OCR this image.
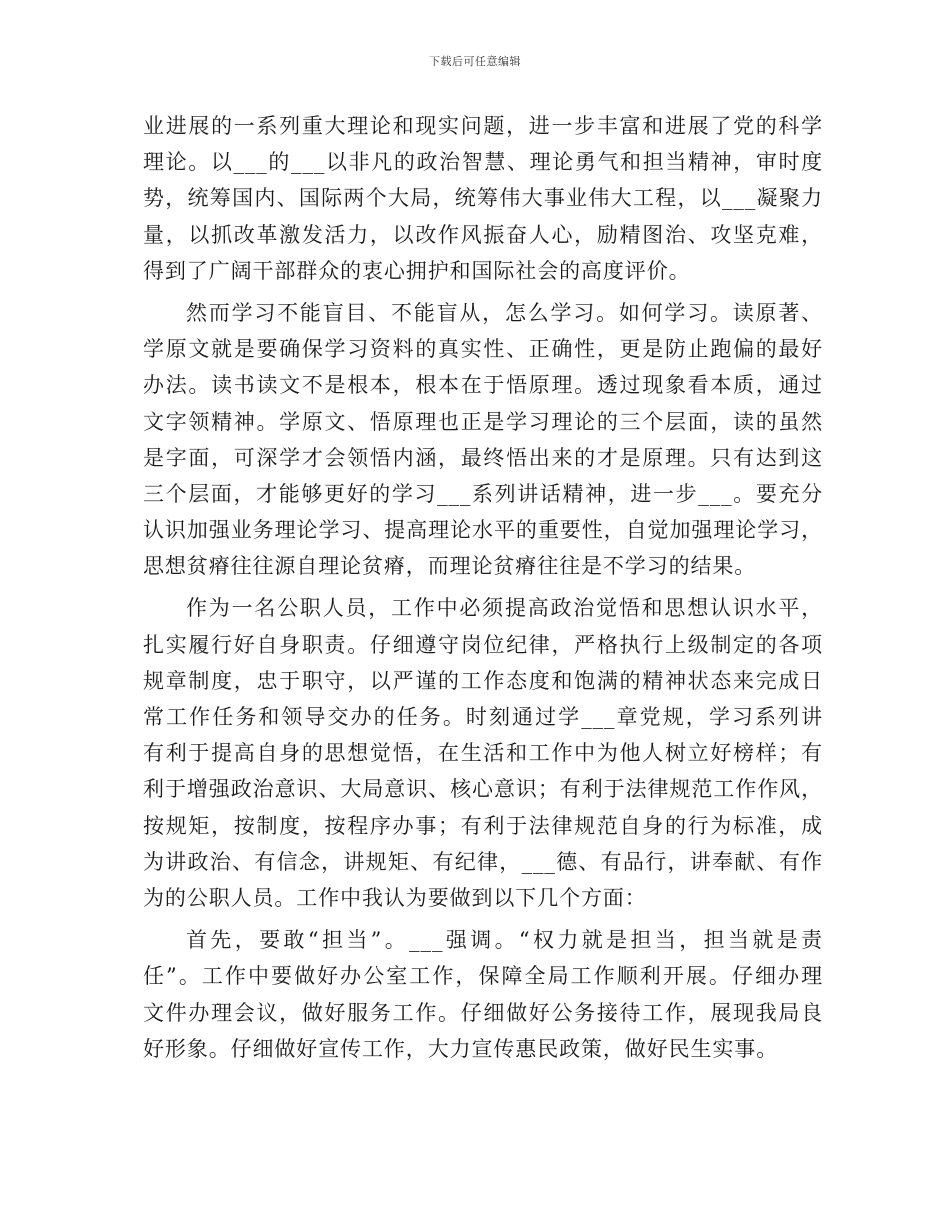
下载后可任意编辑
业进展的一系列重大理论和现实问题，进一步丰富和进展了党的科学
理论。以___的___以非凡的政治智慧、理论勇气和担当精神，审时度
势，统筹国内、国际两个大局，统筹伟大事业伟大工程，以___凝聚力
量，以抓改革激发活力，以改作风振奋人心，励精图治、攻坚克难，
得到了广阔干部群众的衷心拥护和国际社会的高度评价。
然而学习不能盲目、不能盲从，怎么学习。如何学习。读原著、
学原文就是要确保学习资料的真实性、正确性，更是防止跑偏的最好
办法。读书读文不是根本，根本在于悟原理。透过现象看本质，通过
文字领精神。学原文、悟原理也正是学习理论的三个层面，读的虽然
是字面，可深学才会领悟内涵，最终悟出来的才是原理。只有达到这
三个层面，才能够更好的学习___系列讲话精神，进一步___。要充分
认识加强业务理论学习、提高理论水平的重要性，自觉加强理论学习，
思想贫瘠往往源自理论贫瘠，而理论贫瘠往往是不学习的结果。
作为一名公职人员，工作中必须提高政治觉悟和思想认识水平，
扎实履行好自身职责。仔细遵守岗位纪律，严格执行上级制定的各项
规章制度，忠于职守，以严谨的工作态度和饱满的精神状态来完成日
常工作任务和领导交办的任务。时刻通过学___章党规，学习系列讲
有利于提高自身的思想觉悟，在生活和工作中为他人树立好榜样；有
利于增强政治意识、大局意识、核心意识；有利于法律规范工作作风，
按规矩，按制度，按程序办事；有利于法律规范自身的行为标准，成
为讲政治、有信念，讲规矩、有纪律，___德、有品行，讲奉献、有作
为的公职人员。工作中我认为要做到以下几个方面：
首先，要敢“担当”。___强调。“权力就是担当，担当就是责
任”。工作中要做好办公室工作，保障全局工作顺利开展。仔细办理
文件办理会议，做好服务工作。仔细做好公务接待工作，展现我局良
好形象。仔细做好宣传工作，大力宣传惠民政策，做好民生实事。
